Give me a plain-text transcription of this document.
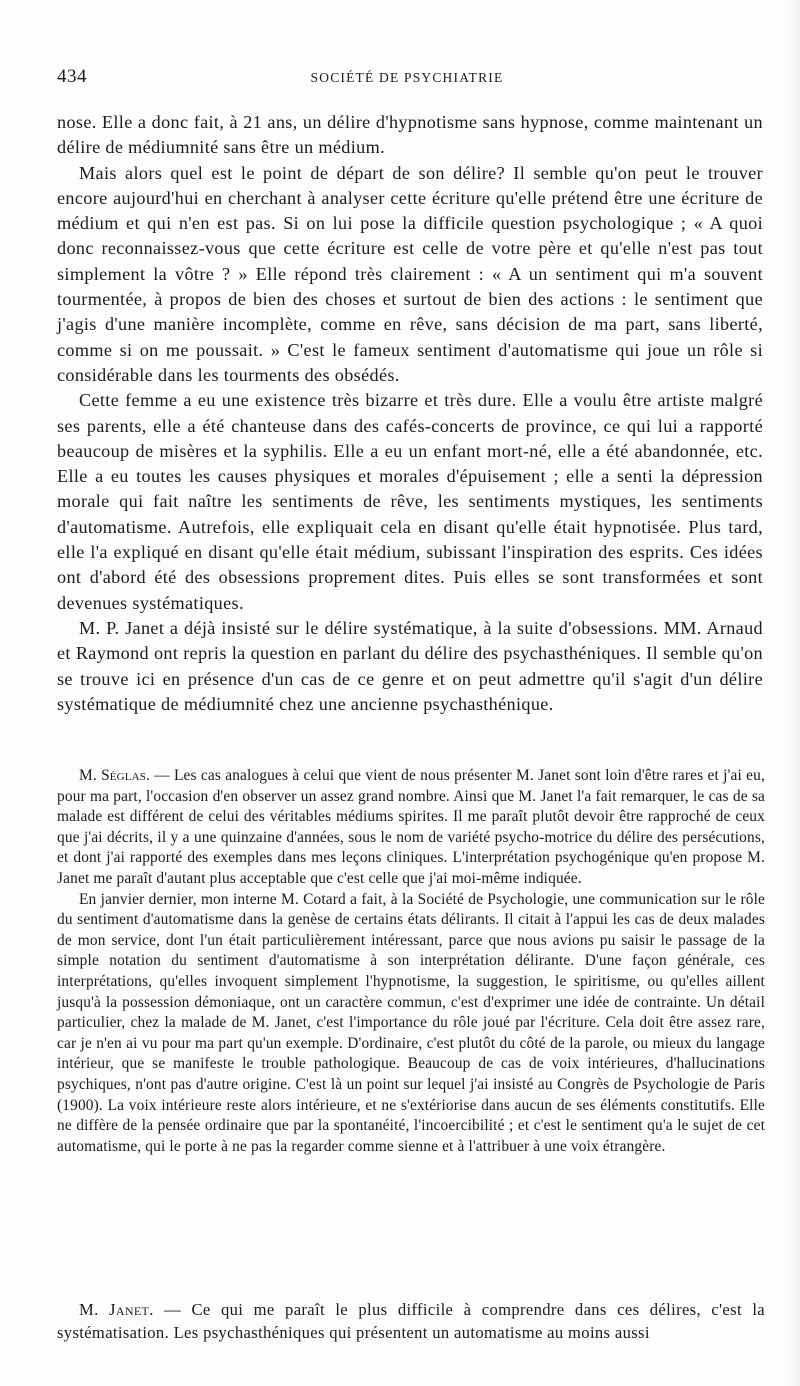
434	SOCIÉTÉ DE PSYCHIATRIE

nose. Elle a donc fait, à 21 ans, un délire d'hypnotisme sans hypnose, comme maintenant un délire de médiumnité sans être un médium.

Mais alors quel est le point de départ de son délire? Il semble qu'on peut le trouver encore aujourd'hui en cherchant à analyser cette écriture qu'elle prétend être une écriture de médium et qui n'en est pas. Si on lui pose la difficile question psychologique ; « A quoi donc reconnaissez-vous que cette écriture est celle de votre père et qu'elle n'est pas tout simplement la vôtre ? » Elle répond très clairement : « A un sentiment qui m'a souvent tourmentée, à propos de bien des choses et surtout de bien des actions : le sentiment que j'agis d'une manière incomplète, comme en rêve, sans décision de ma part, sans liberté, comme si on me poussait. » C'est le fameux sentiment d'automatisme qui joue un rôle si considérable dans les tourments des obsédés.

Cette femme a eu une existence très bizarre et très dure. Elle a voulu être artiste malgré ses parents, elle a été chanteuse dans des cafés-concerts de province, ce qui lui a rapporté beaucoup de misères et la syphilis. Elle a eu un enfant mort-né, elle a été abandonnée, etc. Elle a eu toutes les causes physiques et morales d'épuisement ; elle a senti la dépression morale qui fait naître les sentiments de rêve, les sentiments mystiques, les sentiments d'automatisme. Autrefois, elle expliquait cela en disant qu'elle était hypnotisée. Plus tard, elle l'a expliqué en disant qu'elle était médium, subissant l'inspiration des esprits. Ces idées ont d'abord été des obsessions proprement dites. Puis elles se sont transformées et sont devenues systématiques.

M. P. Janet a déjà insisté sur le délire systématique, à la suite d'obsessions. MM. Arnaud et Raymond ont repris la question en parlant du délire des psychasthéniques. Il semble qu'on se trouve ici en présence d'un cas de ce genre et on peut admettre qu'il s'agit d'un délire systématique de médiumnité chez une ancienne psychasthénique.

M. Séglas. — Les cas analogues à celui que vient de nous présenter M. Janet sont loin d'être rares et j'ai eu, pour ma part, l'occasion d'en observer un assez grand nombre. Ainsi que M. Janet l'a fait remarquer, le cas de sa malade est différent de celui des véritables médiums spirites. Il me paraît plutôt devoir être rapproché de ceux que j'ai décrits, il y a une quinzaine d'années, sous le nom de variété psycho-motrice du délire des persécutions, et dont j'ai rapporté des exemples dans mes leçons cliniques. L'interprétation psychogénique qu'en propose M. Janet me paraît d'autant plus acceptable que c'est celle que j'ai moi-même indiquée.

En janvier dernier, mon interne M. Cotard a fait, à la Société de Psychologie, une communication sur le rôle du sentiment d'automatisme dans la genèse de certains états délirants. Il citait à l'appui les cas de deux malades de mon service, dont l'un était particulièrement intéressant, parce que nous avions pu saisir le passage de la simple notation du sentiment d'automatisme à son interprétation délirante. D'une façon générale, ces interprétations, qu'elles invoquent simplement l'hypnotisme, la suggestion, le spiritisme, ou qu'elles aillent jusqu'à la possession démoniaque, ont un caractère commun, c'est d'exprimer une idée de contrainte. Un détail particulier, chez la malade de M. Janet, c'est l'importance du rôle joué par l'écriture. Cela doit être assez rare, car je n'en ai vu pour ma part qu'un exemple. D'ordinaire, c'est plutôt du côté de la parole, ou mieux du langage intérieur, que se manifeste le trouble pathologique. Beaucoup de cas de voix intérieures, d'hallucinations psychiques, n'ont pas d'autre origine. C'est là un point sur lequel j'ai insisté au Congrès de Psychologie de Paris (1900). La voix intérieure reste alors intérieure, et ne s'extériorise dans aucun de ses éléments constitutifs. Elle ne diffère de la pensée ordinaire que par la spontanéité, l'incoercibilité ; et c'est le sentiment qu'a le sujet de cet automatisme, qui le porte à ne pas la regarder comme sienne et à l'attribuer à une voix étrangère.

M. Janet. — Ce qui me paraît le plus difficile à comprendre dans ces délires, c'est la systématisation. Les psychasthéniques qui présentent un automatisme au moins aussi
